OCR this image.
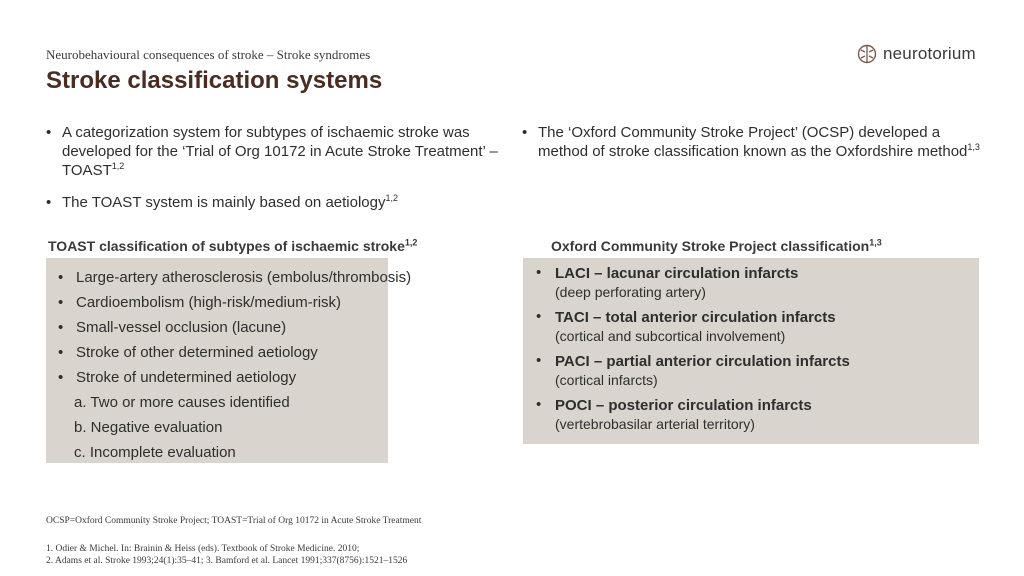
Neurobehavioural consequences of stroke – Stroke syndromes
Stroke classification systems
neurotorium
• A categorization system for subtypes of ischaemic stroke was developed for the ‘Trial of Org 10172 in Acute Stroke Treatment’ – TOAST$^{1,2}$
• The TOAST system is mainly based on aetiology$^{1,2}$
• The ‘Oxford Community Stroke Project’ (OCSP) developed a method of stroke classification known as the Oxfordshire method$^{1,3}$
TOAST classification of subtypes of ischaemic stroke$^{1,2}$	Oxford Community Stroke Project classification$^{1,3}$
• Large-artery atherosclerosis (embolus/thrombosis)
• Cardioembolism (high-risk/medium-risk)
• Small-vessel occlusion (lacune)
• Stroke of other determined aetiology
• Stroke of undetermined aetiology
a. Two or more causes identified
b. Negative evaluation
c. Incomplete evaluation
• LACI – lacunar circulation infarcts
(deep perforating artery)
• TACI – total anterior circulation infarcts
(cortical and subcortical involvement)
• PACI – partial anterior circulation infarcts
(cortical infarcts)
• POCI – posterior circulation infarcts
(vertebrobasilar arterial territory)
OCSP=Oxford Community Stroke Project; TOAST=Trial of Org 10172 in Acute Stroke Treatment
1. Odier & Michel. In: Brainin & Heiss (eds). Textbook of Stroke Medicine. 2010;
2. Adams et al. Stroke 1993;24(1):35–41; 3. Bamford et al. Lancet 1991;337(8756):1521–1526
